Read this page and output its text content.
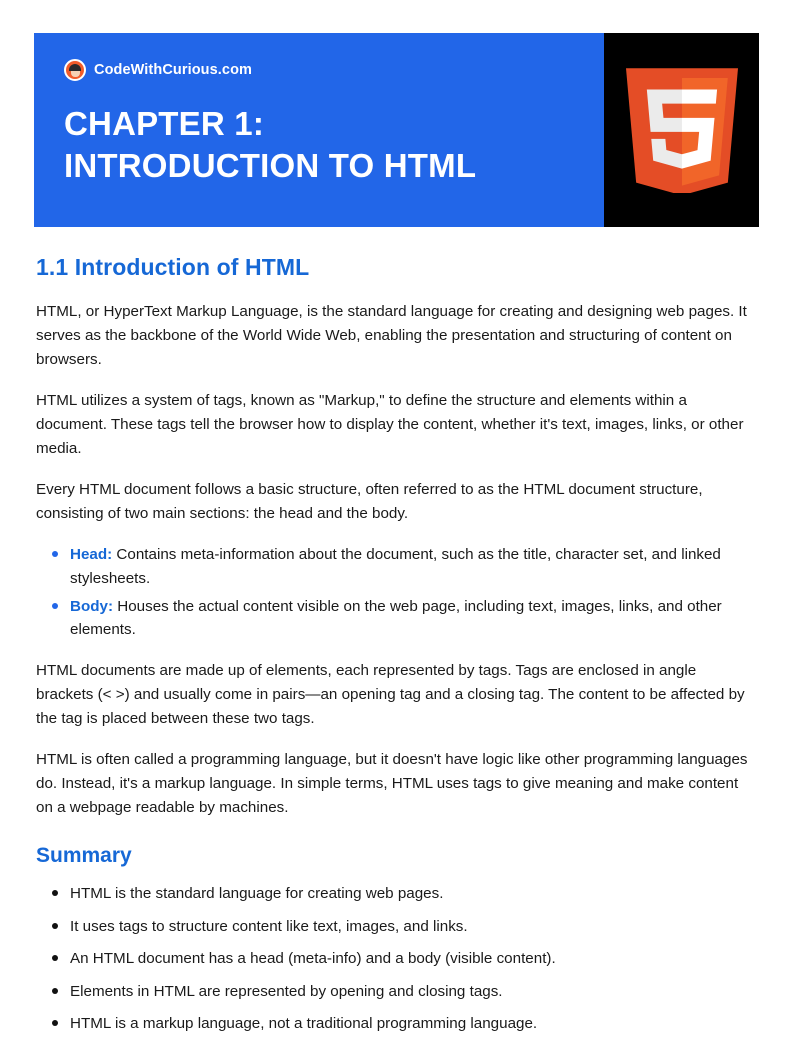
CodeWithCurious.com
CHAPTER 1:
INTRODUCTION TO HTML
1.1 Introduction of HTML

HTML, or HyperText Markup Language, is the standard language for creating and designing web pages. It serves as the backbone of the World Wide Web, enabling the presentation and structuring of content on browsers.

HTML utilizes a system of tags, known as "Markup," to define the structure and elements within a document. These tags tell the browser how to display the content, whether it's text, images, links, or other media.

Every HTML document follows a basic structure, often referred to as the HTML document structure, consisting of two main sections: the head and the body.

Head: Contains meta-information about the document, such as the title, character set, and linked stylesheets.
Body: Houses the actual content visible on the web page, including text, images, links, and other elements.

HTML documents are made up of elements, each represented by tags. Tags are enclosed in angle brackets (< >) and usually come in pairs—an opening tag and a closing tag. The content to be affected by the tag is placed between these two tags.

HTML is often called a programming language, but it doesn't have logic like other programming languages do. Instead, it's a markup language. In simple terms, HTML uses tags to give meaning and make content on a webpage readable by machines.

Summary
HTML is the standard language for creating web pages.
It uses tags to structure content like text, images, and links.
An HTML document has a head (meta-info) and a body (visible content).
Elements in HTML are represented by opening and closing tags.
HTML is a markup language, not a traditional programming language.
